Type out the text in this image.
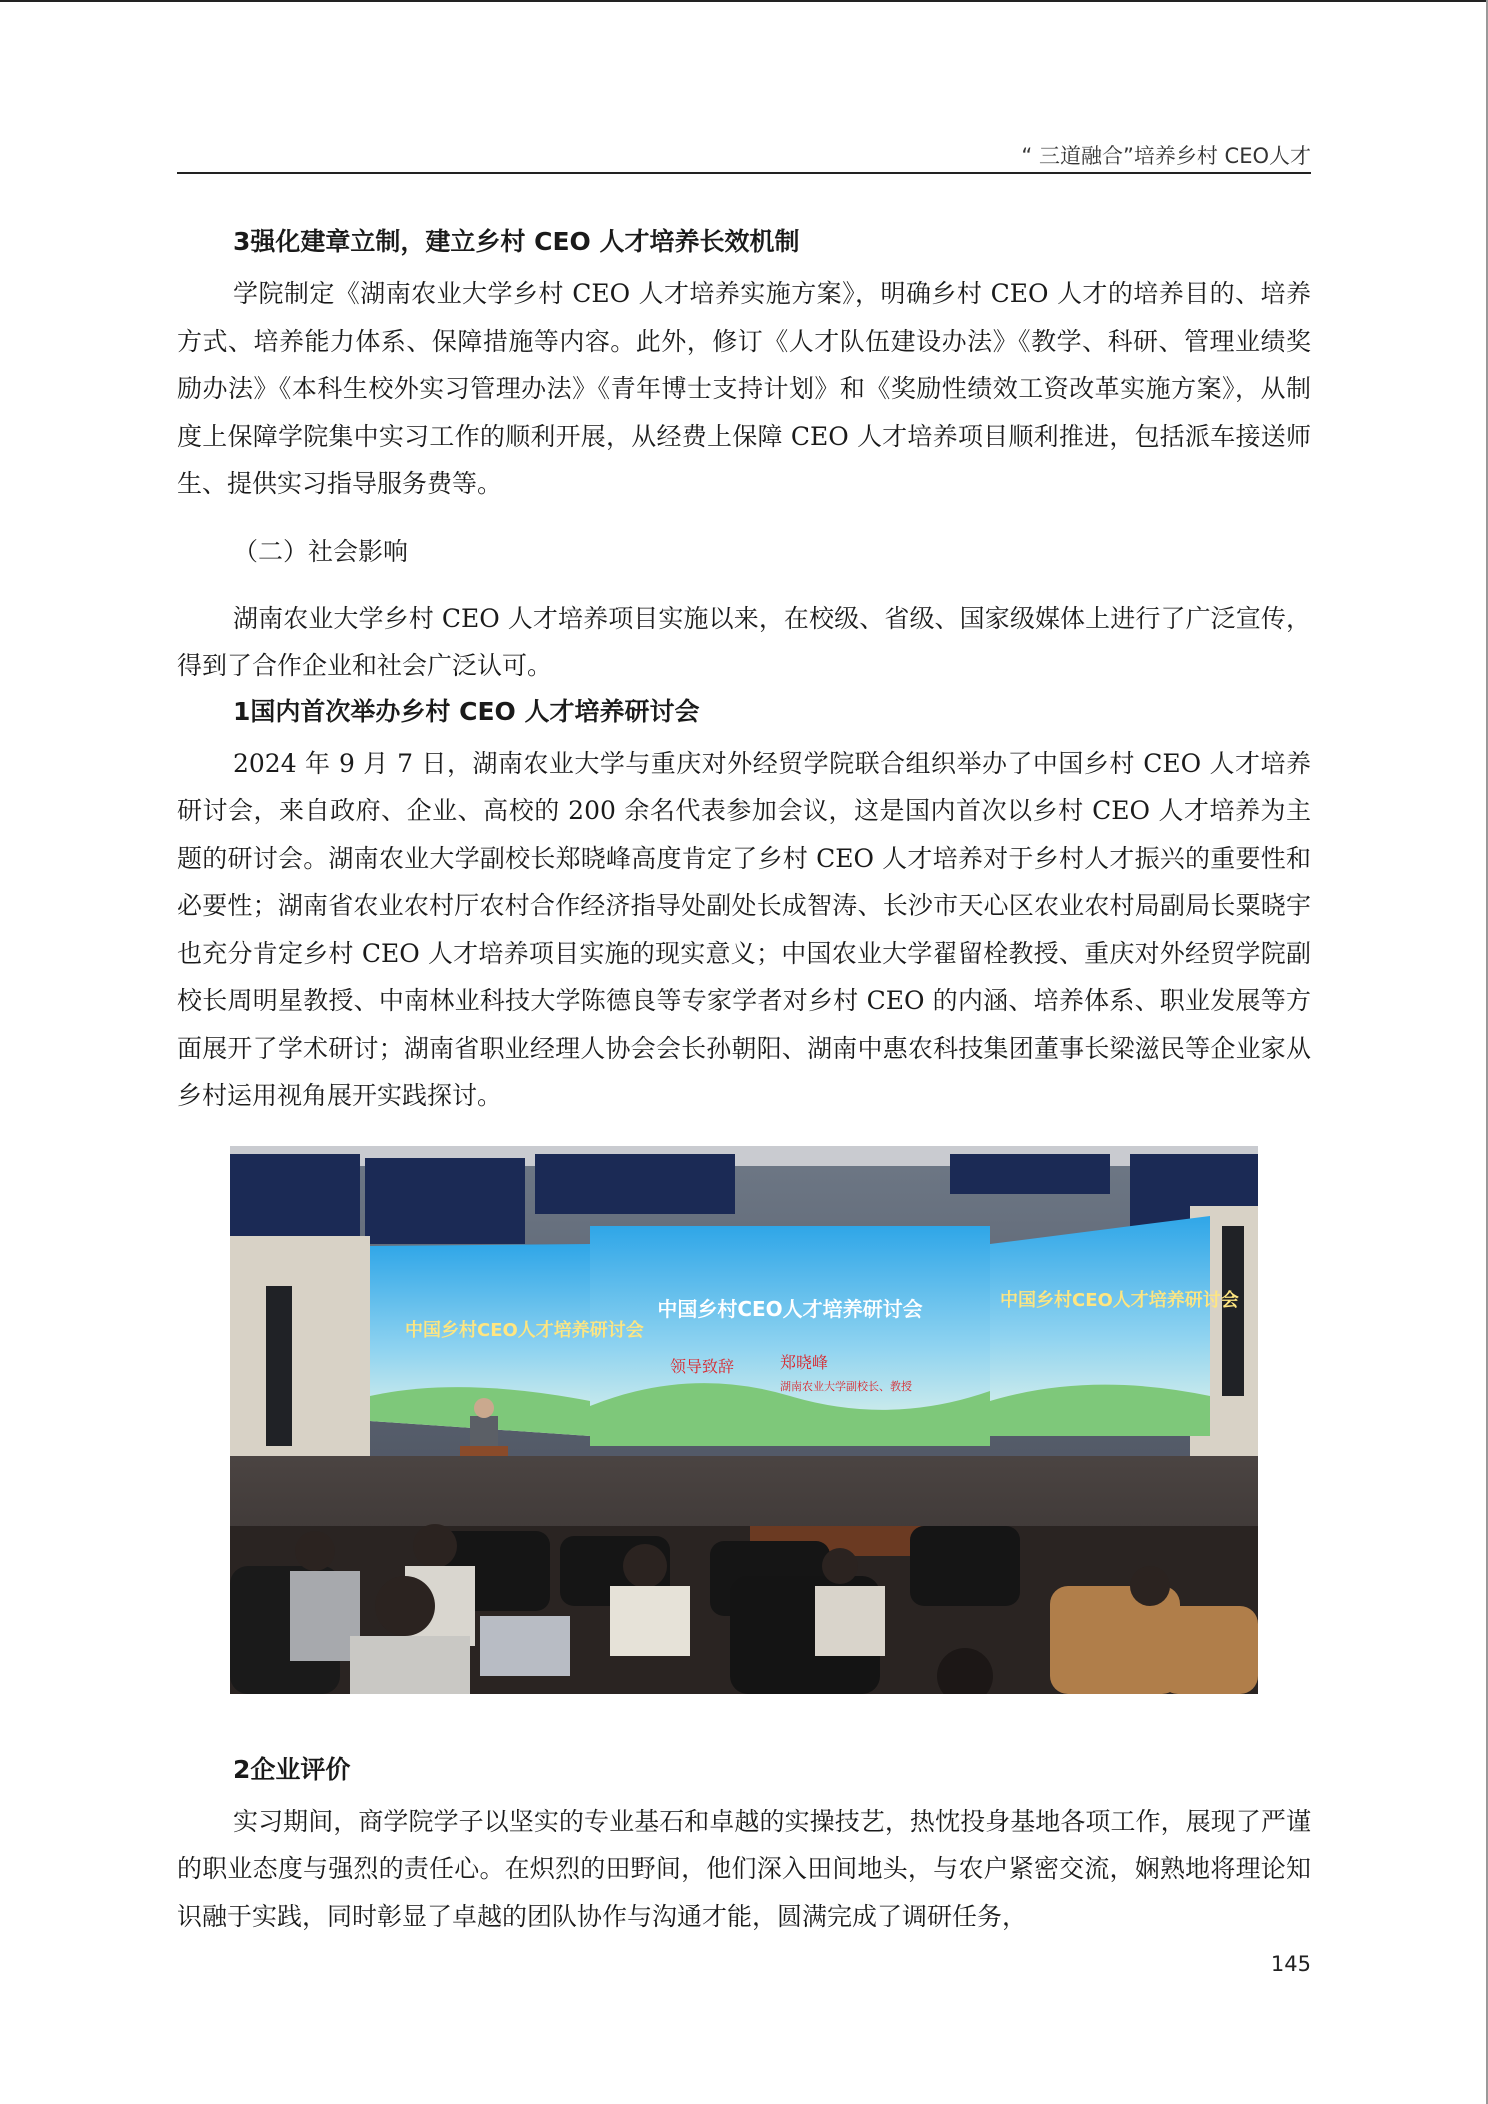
“ 三道融合”培养乡村 CEO人才
3强化建章立制，建立乡村 CEO 人才培养长效机制

学院制定《湖南农业大学乡村 CEO 人才培养实施方案》，明确乡村 CEO 人才的培养目的、培养方式、培养能力体系、保障措施等内容。此外，修订《人才队伍建设办法》《教学、科研、管理业绩奖励办法》《本科生校外实习管理办法》《青年博士支持计划》和《奖励性绩效工资改革实施方案》，从制度上保障学院集中实习工作的顺利开展，从经费上保障 CEO 人才培养项目顺利推进，包括派车接送师生、提供实习指导服务费等。

（二）社会影响

湖南农业大学乡村 CEO 人才培养项目实施以来，在校级、省级、国家级媒体上进行了广泛宣传，得到了合作企业和社会广泛认可。

1国内首次举办乡村 CEO 人才培养研讨会

2024 年 9 月 7 日，湖南农业大学与重庆对外经贸学院联合组织举办了中国乡村 CEO 人才培养研讨会，来自政府、企业、高校的 200 余名代表参加会议，这是国内首次以乡村 CEO 人才培养为主题的研讨会。湖南农业大学副校长郑晓峰高度肯定了乡村 CEO 人才培养对于乡村人才振兴的重要性和必要性；湖南省农业农村厅农村合作经济指导处副处长成智涛、长沙市天心区农业农村局副局长粟晓宇也充分肯定乡村 CEO 人才培养项目实施的现实意义；中国农业大学翟留栓教授、重庆对外经贸学院副校长周明星教授、中南林业科技大学陈德良等专家学者对乡村 CEO 的内涵、培养体系、职业发展等方面展开了学术研讨；湖南省职业经理人协会会长孙朝阳、湖南中惠农科技集团董事长梁滋民等企业家从乡村运用视角展开实践探讨。

中国乡村CEO人才培养研讨会
中国乡村CEO人才培养研讨会
中国乡村CEO人才培养研讨会
领导致辞	郑晓峰
湖南农业大学副校长、教授
2企业评价

实习期间，商学院学子以坚实的专业基石和卓越的实操技艺，热忱投身基地各项工作，展现了严谨的职业态度与强烈的责任心。在炽烈的田野间，他们深入田间地头，与农户紧密交流，娴熟地将理论知识融于实践，同时彰显了卓越的团队协作与沟通才能，圆满完成了调研任务，

145
